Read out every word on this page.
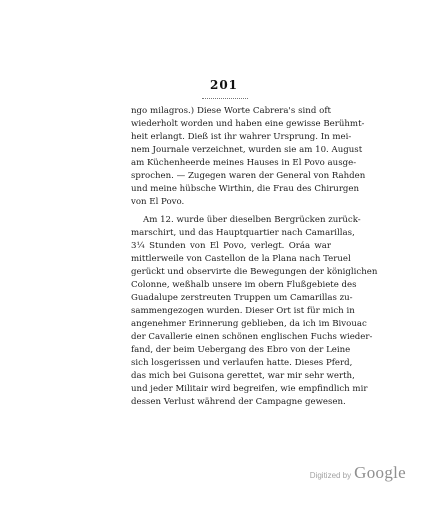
201
ngo milagros.) Diese Worte Cabrera's sind oft
wiederholt worden und haben eine gewisse Berühmt-
heit erlangt. Dieß ist ihr wahrer Ursprung. In mei-
nem Journale verzeichnet, wurden sie am 10. August
am Küchenheerde meines Hauses in El Povo ausge-
sprochen. — Zugegen waren der General von Rahden
und meine hübsche Wirthin, die Frau des Chirurgen
von El Povo.
Am 12. wurde über dieselben Bergrücken zurück-
marschirt, und das Hauptquartier nach Camarillas,
3¼ Stunden von El Povo, verlegt. Oráa war
mittlerweile von Castellon de la Plana nach Teruel
gerückt und observirte die Bewegungen der königlichen
Colonne, weßhalb unsere im obern Flußgebiete des
Guadalupe zerstreuten Truppen um Camarillas zu-
sammengezogen wurden. Dieser Ort ist für mich in
angenehmer Erinnerung geblieben, da ich im Bivouac
der Cavallerie einen schönen englischen Fuchs wieder-
fand, der beim Uebergang des Ebro von der Leine
sich losgerissen und verlaufen hatte. Dieses Pferd,
das mich bei Guisona gerettet, war mir sehr werth,
und jeder Militair wird begreifen, wie empfindlich mir
dessen Verlust während der Campagne gewesen.
Digitized by Google
